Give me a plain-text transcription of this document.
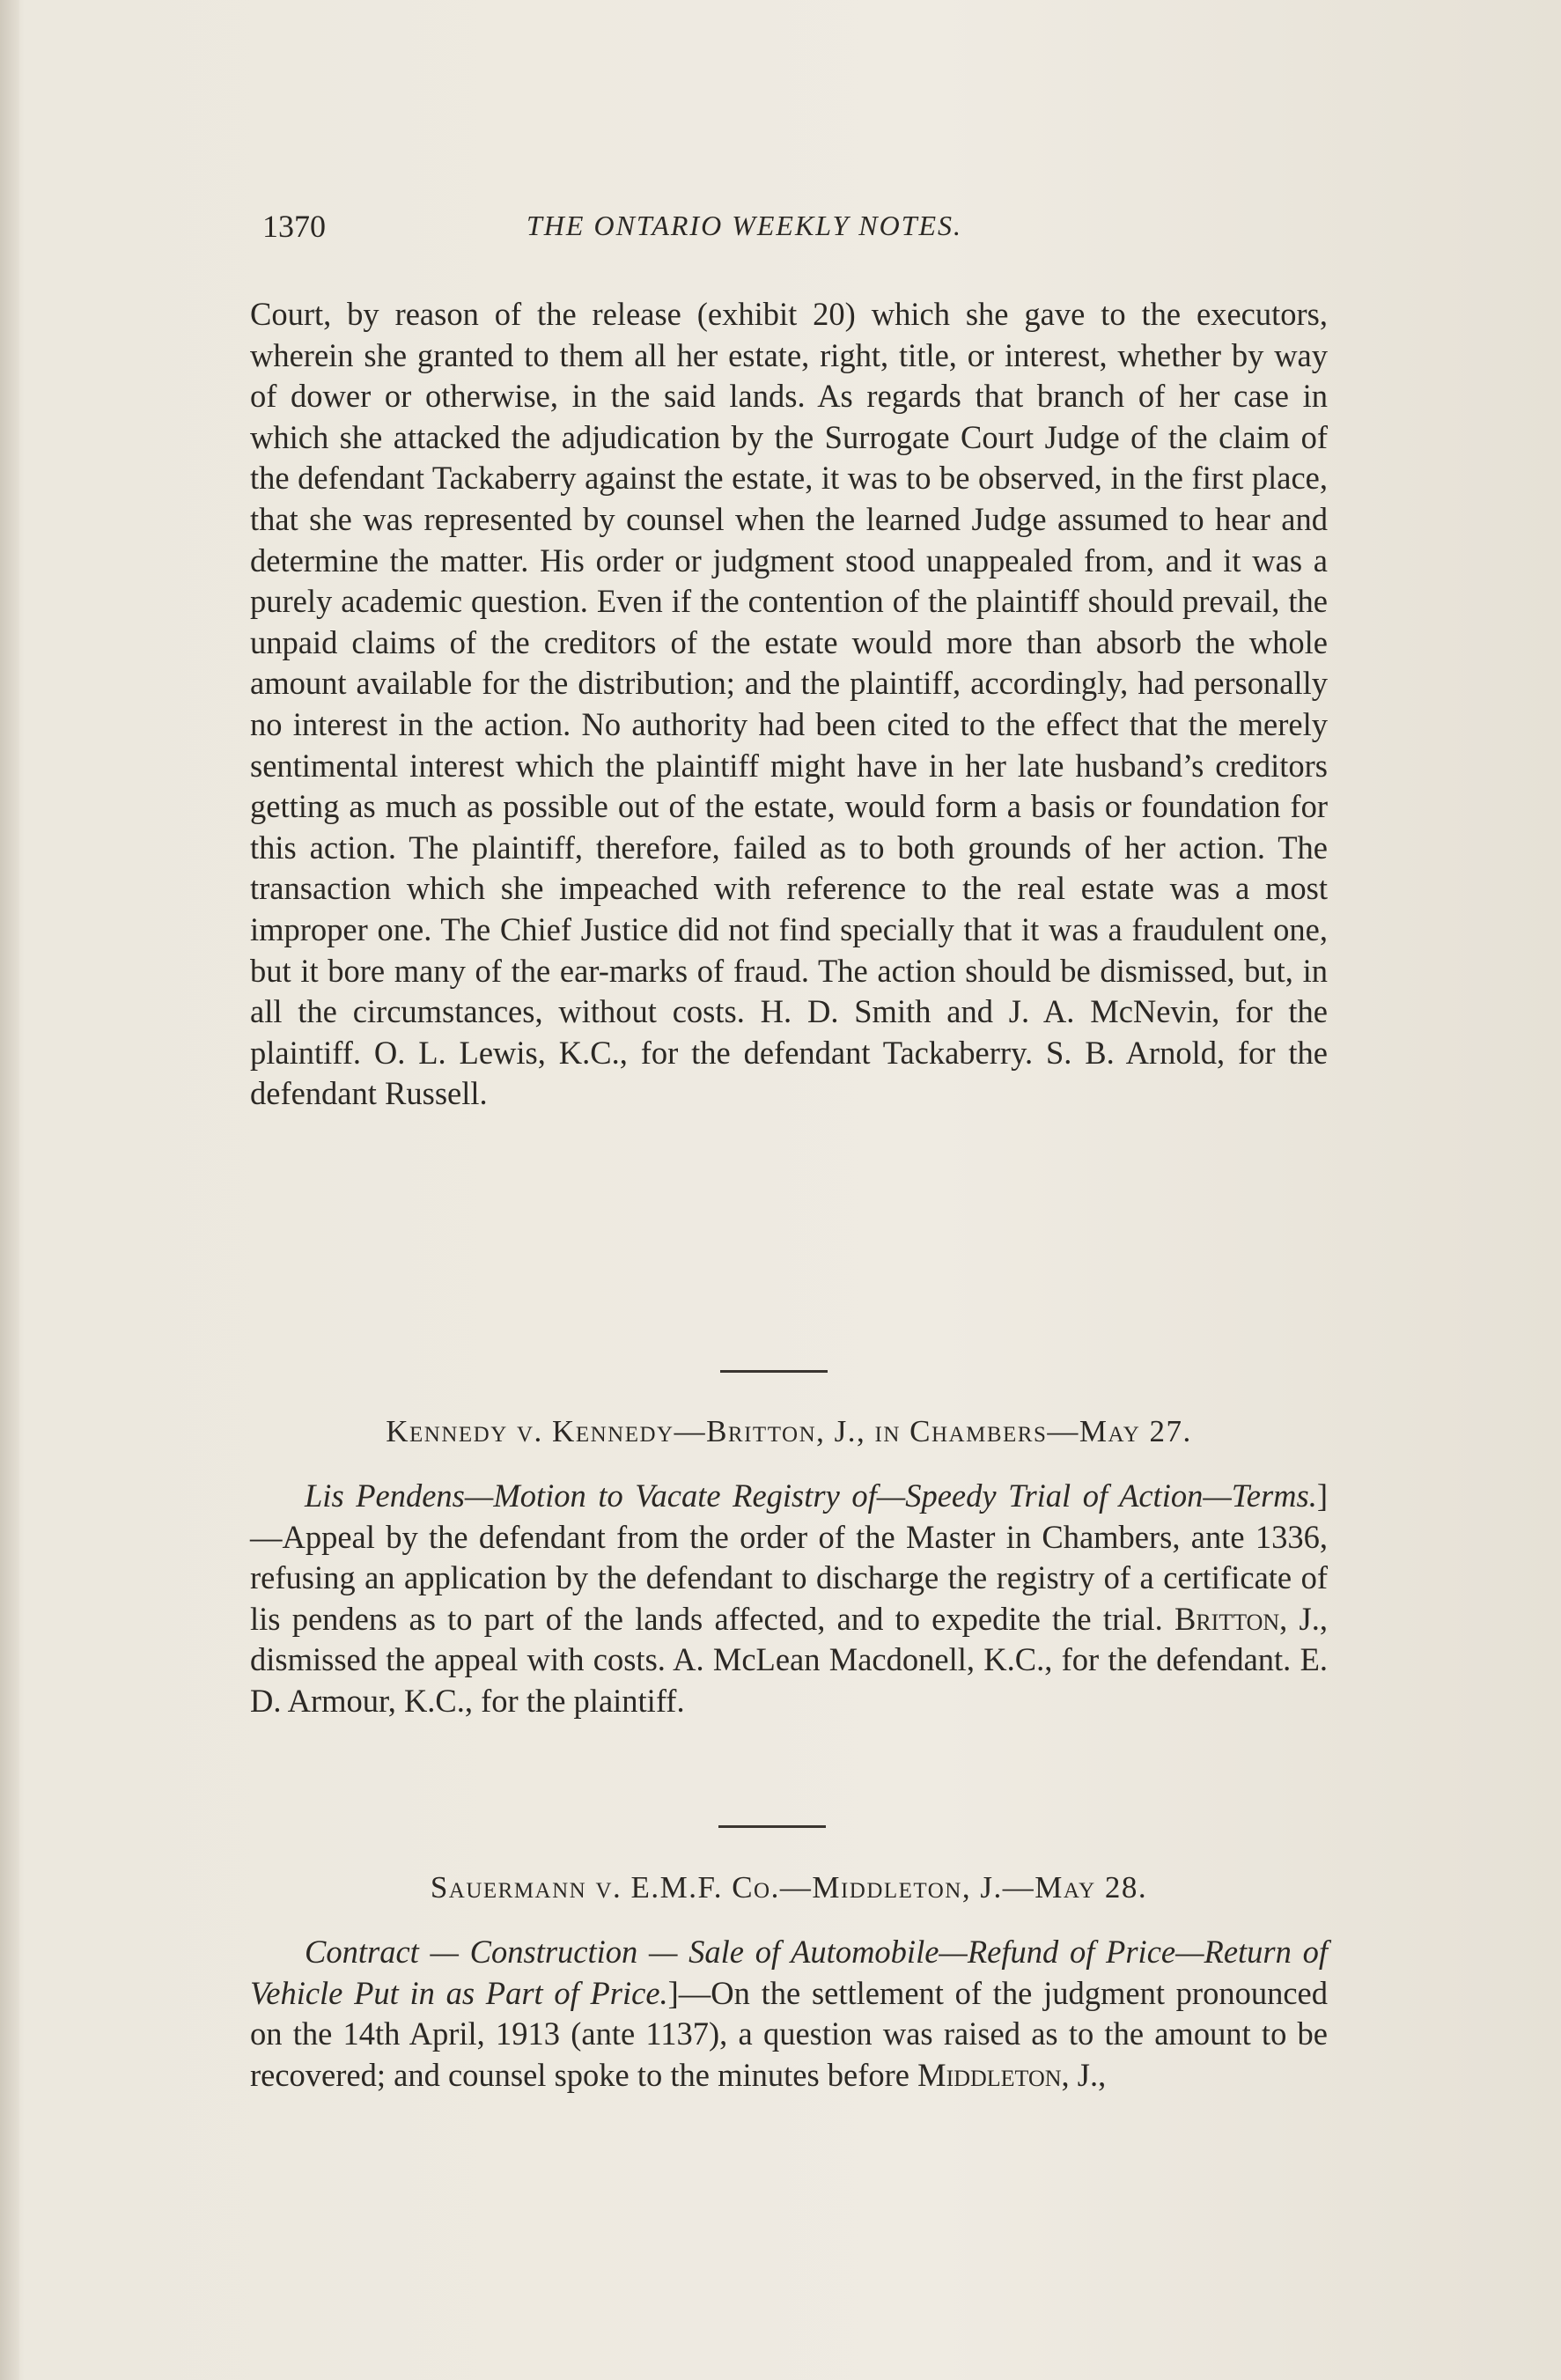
1370	THE ONTARIO WEEKLY NOTES.
Court, by reason of the release (exhibit 20) which she gave to the executors, wherein she granted to them all her estate, right, title, or interest, whether by way of dower or otherwise, in the said lands. As regards that branch of her case in which she attacked the adjudication by the Surrogate Court Judge of the claim of the defendant Tackaberry against the estate, it was to be observed, in the first place, that she was represented by counsel when the learned Judge assumed to hear and determine the matter. His order or judgment stood unappealed from, and it was a purely academic question. Even if the contention of the plaintiff should prevail, the unpaid claims of the creditors of the estate would more than absorb the whole amount available for the distribution; and the plaintiff, accordingly, had personally no interest in the action. No authority had been cited to the effect that the merely sentimental interest which the plaintiff might have in her late husband’s creditors getting as much as possible out of the estate, would form a basis or foundation for this action. The plaintiff, therefore, failed as to both grounds of her action. The transaction which she impeached with reference to the real estate was a most improper one. The Chief Justice did not find specially that it was a fraudulent one, but it bore many of the ear-marks of fraud. The action should be dismissed, but, in all the circumstances, without costs. H. D. Smith and J. A. McNevin, for the plaintiff. O. L. Lewis, K.C., for the defendant Tackaberry. S. B. Arnold, for the defendant Russell.
Kennedy v. Kennedy—Britton, J., in Chambers—May 27.
Lis Pendens—Motion to Vacate Registry of—Speedy Trial of Action—Terms.]—Appeal by the defendant from the order of the Master in Chambers, ante 1336, refusing an application by the defendant to discharge the registry of a certificate of lis pendens as to part of the lands affected, and to expedite the trial. Britton, J., dismissed the appeal with costs. A. McLean Macdonell, K.C., for the defendant. E. D. Armour, K.C., for the plaintiff.
Sauermann v. E.M.F. Co.—Middleton, J.—May 28.
Contract — Construction — Sale of Automobile—Refund of Price—Return of Vehicle Put in as Part of Price.]—On the settlement of the judgment pronounced on the 14th April, 1913 (ante 1137), a question was raised as to the amount to be recovered; and counsel spoke to the minutes before Middleton, J.,
